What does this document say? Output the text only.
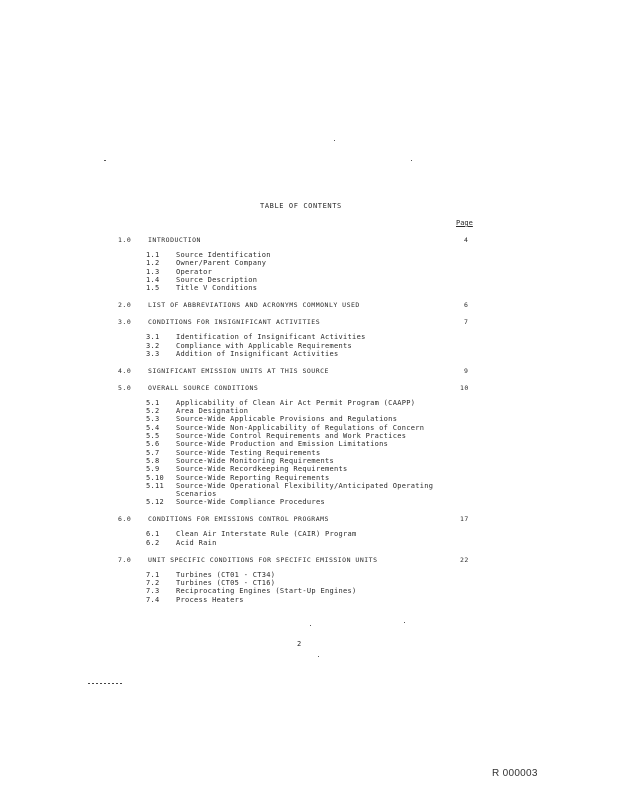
TABLE OF CONTENTS
Page
1.0	INTRODUCTION	4
1.1 Source Identification
1.2 Owner/Parent Company
1.3 Operator
1.4 Source Description
1.5 Title V Conditions
2.0	LIST OF ABBREVIATIONS AND ACRONYMS COMMONLY USED	6
3.0	CONDITIONS FOR INSIGNIFICANT ACTIVITIES	7
3.1 Identification of Insignificant Activities
3.2 Compliance with Applicable Requirements
3.3 Addition of Insignificant Activities
4.0	SIGNIFICANT EMISSION UNITS AT THIS SOURCE	9
5.0	OVERALL SOURCE CONDITIONS	10
5.1 Applicability of Clean Air Act Permit Program (CAAPP)
5.2 Area Designation
5.3 Source-Wide Applicable Provisions and Regulations
5.4 Source-Wide Non-Applicability of Regulations of Concern
5.5 Source-Wide Control Requirements and Work Practices
5.6 Source-Wide Production and Emission Limitations
5.7 Source-Wide Testing Requirements
5.8 Source-Wide Monitoring Requirements
5.9 Source-Wide Recordkeeping Requirements
5.10 Source-Wide Reporting Requirements
5.11 Source-Wide Operational Flexibility/Anticipated Operating
Scenarios
5.12 Source-Wide Compliance Procedures
6.0	CONDITIONS FOR EMISSIONS CONTROL PROGRAMS	17
6.1 Clean Air Interstate Rule (CAIR) Program
6.2 Acid Rain
7.0	UNIT SPECIFIC CONDITIONS FOR SPECIFIC EMISSION UNITS	22
7.1 Turbines (CT01 - CT34)
7.2 Turbines (CT05 - CT16)
7.3 Reciprocating Engines (Start-Up Engines)
7.4 Process Heaters
2
R 000003
